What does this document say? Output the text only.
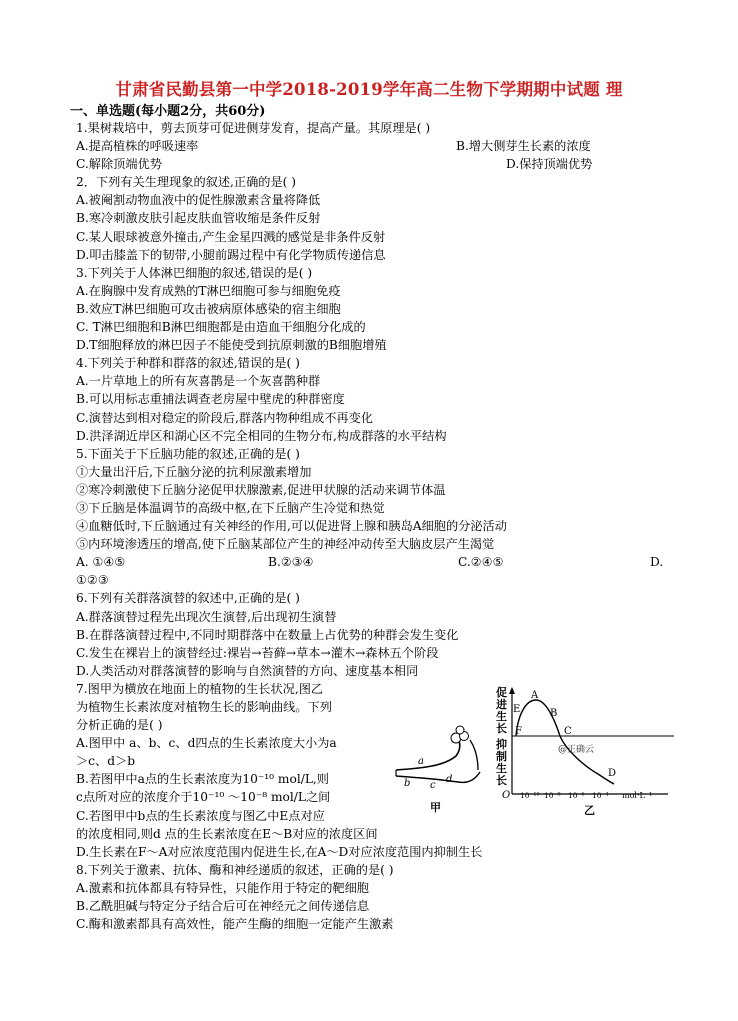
甘肃省民勤县第一中学2018-2019学年高二生物下学期期中试题 理
一、单选题(每小题2分，共60分)
1.果树栽培中，剪去顶芽可促进侧芽发育，提高产量。其原理是( )
A.提高植株的呼吸速率	B.增大侧芽生长素的浓度
C.解除顶端优势	D.保持顶端优势
2．下列有关生理现象的叙述,正确的是( )
A.被阉割动物血液中的促性腺激素含量将降低
B.寒冷刺激皮肤引起皮肤血管收缩是条件反射
C.某人眼球被意外撞击,产生金星四溅的感觉是非条件反射
D.叩击膝盖下的韧带,小腿前踢过程中有化学物质传递信息
3.下列关于人体淋巴细胞的叙述,错误的是( )
A.在胸腺中发育成熟的T淋巴细胞可参与细胞免疫
B.效应T淋巴细胞可攻击被病原体感染的宿主细胞
C. T淋巴细胞和B淋巴细胞都是由造血干细胞分化成的
D.T细胞释放的淋巴因子不能使受到抗原刺激的B细胞增殖
4.下列关于种群和群落的叙述,错误的是( )
A.一片草地上的所有灰喜鹊是一个灰喜鹊种群
B.可以用标志重捕法调查老房屋中壁虎的种群密度
C.演替达到相对稳定的阶段后,群落内物种组成不再变化
D.洪泽湖近岸区和湖心区不完全相同的生物分布,构成群落的水平结构
5.下面关于下丘脑功能的叙述,正确的是( )
①大量出汗后,下丘脑分泌的抗利尿激素增加
②寒冷刺激使下丘脑分泌促甲状腺激素,促进甲状腺的活动来调节体温
③下丘脑是体温调节的高级中枢,在下丘脑产生冷觉和热觉
④血糖低时,下丘脑通过有关神经的作用,可以促进肾上腺和胰岛A细胞的分泌活动
⑤内环境渗透压的增高,使下丘脑某部位产生的神经冲动传至大脑皮层产生渴觉
A. ①④⑤	B.②③④	C.②④⑤	D.
①②③
6.下列有关群落演替的叙述中,正确的是( )
A.群落演替过程先出现次生演替,后出现初生演替
B.在群落演替过程中,不同时期群落中在数量上占优势的种群会发生变化
C.发生在裸岩上的演替经过:裸岩→苔藓→草本→灌木→森林五个阶段
D.人类活动对群落演替的影响与自然演替的方向、速度基本相同
7.图甲为横放在地面上的植物的生长状况,图乙
为植物生长素浓度对植物生长的影响曲线。下列
分析正确的是( )
A.图甲中 a、b、c、d四点的生长素浓度大小为a
＞c、d＞b
B.若图甲中a点的生长素浓度为10⁻¹⁰ mol/L,则
c点所对应的浓度介于10⁻¹⁰ ～10⁻⁸ mol/L之间
C.若图甲中b点的生长素浓度与图乙中E点对应
的浓度相同,则d 点的生长素浓度在E～B对应的浓度区间
D.生长素在F～A对应浓度范围内促进生长,在A～D对应浓度范围内抑制生长
8.下列关于激素、抗体、酶和神经递质的叙述，正确的是( )
A.激素和抗体都具有特异性，只能作用于特定的靶细胞
B.乙酰胆碱与特定分子结合后可在神经元之间传递信息
C.酶和激素都具有高效性，能产生酶的细胞一定能产生激素
a
b c
d
甲
促 进 生 长
抑 制 生 长
A
E	B
F	C
D
@正确云
O 10⁻¹⁰ 10⁻⁸ 10⁻⁶ 10⁻⁴ mol·L⁻¹
乙
